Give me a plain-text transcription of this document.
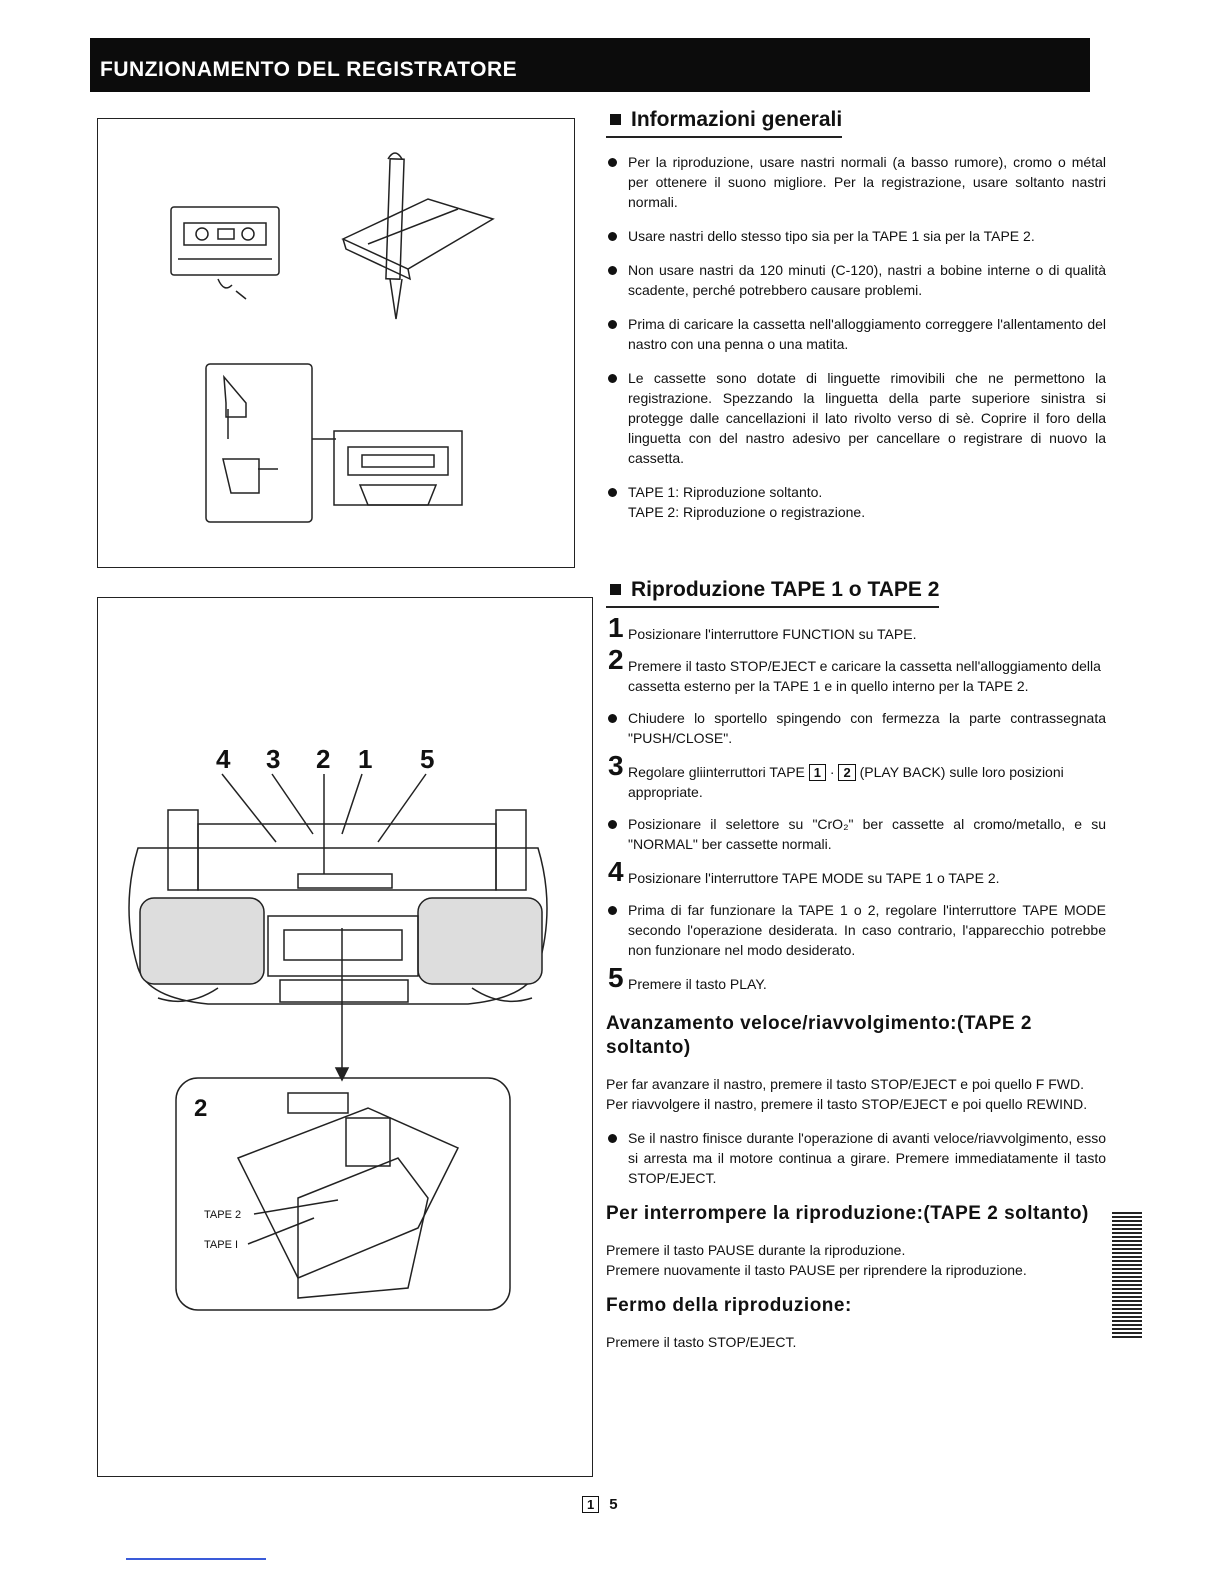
FUNZIONAMENTO DEL REGISTRATORE
4 3 2 1 5
2
TAPE 2
TAPE I
Informazioni generali

Per la riproduzione, usare nastri normali (a basso rumore), cromo o métal per ottenere il suono migliore. Per la registrazione, usare soltanto nastri normali.

Usare nastri dello stesso tipo sia per la TAPE 1 sia per la TAPE 2.

Non usare nastri da 120 minuti (C-120), nastri a bobine interne o di qualità scadente, perché potrebbero causare problemi.

Prima di caricare la cassetta nell'alloggiamento correggere l'allentamento del nastro con una penna o una matita.

Le cassette sono dotate di linguette rimovibili che ne permettono la registrazione. Spezzando la linguetta della parte superiore sinistra si protegge dalle cancellazioni il lato rivolto verso di sè. Coprire il foro della linguetta con del nastro adesivo per cancellare o registrare di nuovo la cassetta.

TAPE 1: Riproduzione soltanto.

TAPE 2: Riproduzione o registrazione.

Riproduzione TAPE 1 o TAPE 2

1 Posizionare l'interruttore FUNCTION su TAPE.

2 Premere il tasto STOP/EJECT e caricare la cassetta nell'alloggiamento della cassetta esterno per la TAPE 1 e in quello interno per la TAPE 2.

Chiudere lo sportello spingendo con fermezza la parte contrassegnata "PUSH/CLOSE".

3 Regolare gliinterruttori TAPE 1 · 2 (PLAY BACK) sulle loro posizioni appropriate.

Posizionare il selettore su "CrO₂" ber cassette al cromo/metallo, e su "NORMAL" ber cassette normali.

4 Posizionare l'interruttore TAPE MODE su TAPE 1 o TAPE 2.

Prima di far funzionare la TAPE 1 o 2, regolare l'interruttore TAPE MODE secondo l'operazione desiderata. In caso contrario, l'apparecchio potrebbe non funzionare nel modo desiderato.

5 Premere il tasto PLAY.

Avanzamento veloce/riavvolgimento:(TAPE 2 soltanto)

Per far avanzare il nastro, premere il tasto STOP/EJECT e poi quello F FWD. Per riavvolgere il nastro, premere il tasto STOP/EJECT e poi quello REWIND.

Se il nastro finisce durante l'operazione di avanti veloce/riavvolgimento, esso si arresta ma il motore continua a girare. Premere immediatamente il tasto STOP/EJECT.

Per interrompere la riproduzione:(TAPE 2 soltanto)

Premere il tasto PAUSE durante la riproduzione.

Premere nuovamente il tasto PAUSE per riprendere la riproduzione.

Fermo della riproduzione:

Premere il tasto STOP/EJECT.

1 5
